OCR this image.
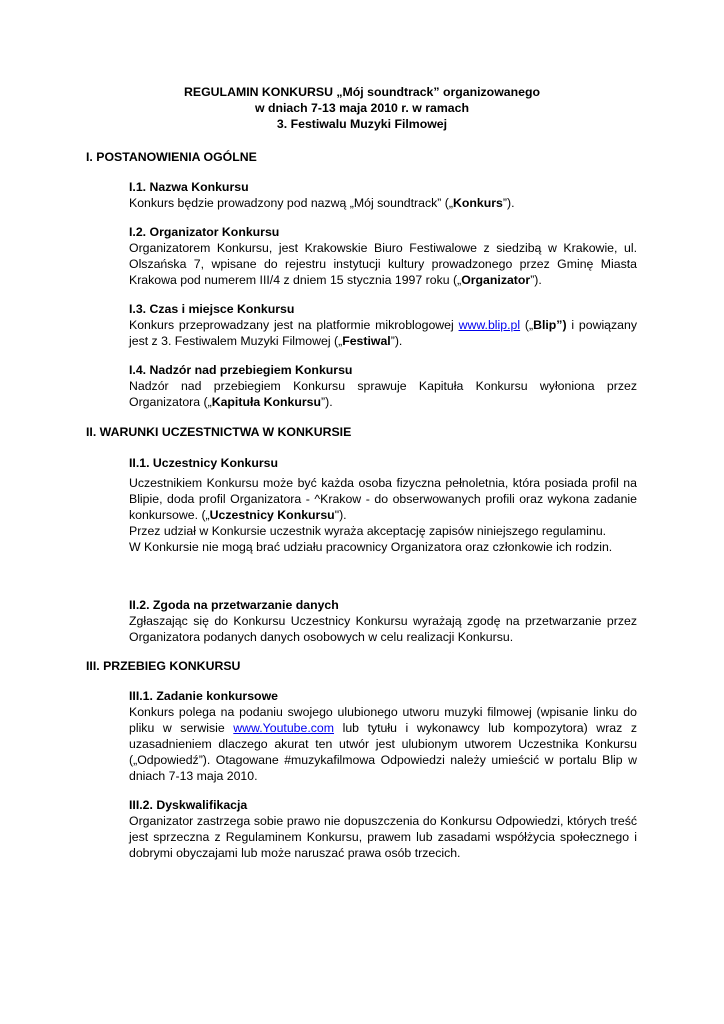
REGULAMIN KONKURSU „Mój soundtrack” organizowanego
w dniach 7-13 maja 2010 r. w ramach
3. Festiwalu Muzyki Filmowej
I. POSTANOWIENIA OGÓLNE
I.1. Nazwa Konkursu
Konkurs będzie prowadzony pod nazwą „Mój soundtrack” („Konkurs”).
I.2. Organizator Konkursu
Organizatorem Konkursu, jest Krakowskie Biuro Festiwalowe z siedzibą w Krakowie, ul. Olszańska 7, wpisane do rejestru instytucji kultury prowadzonego przez Gminę Miasta Krakowa pod numerem III/4 z dniem 15 stycznia 1997 roku („Organizator”).
I.3. Czas i miejsce Konkursu
Konkurs przeprowadzany jest na platformie mikroblogowej www.blip.pl („Blip”) i powiązany jest z 3. Festiwalem Muzyki Filmowej („Festiwal”).
I.4. Nadzór nad przebiegiem Konkursu
Nadzór nad przebiegiem Konkursu sprawuje Kapituła Konkursu wyłoniona przez Organizatora („Kapituła Konkursu”).
II. WARUNKI UCZESTNICTWA W KONKURSIE
II.1. Uczestnicy Konkursu
Uczestnikiem Konkursu może być każda osoba fizyczna pełnoletnia, która posiada profil na Blipie, doda profil Organizatora - ^Krakow - do obserwowanych profili oraz wykona zadanie konkursowe. („Uczestnicy Konkursu").
Przez udział w Konkursie uczestnik wyraża akceptację zapisów niniejszego regulaminu.
W Konkursie nie mogą brać udziału pracownicy Organizatora oraz członkowie ich rodzin.
II.2. Zgoda na przetwarzanie danych
Zgłaszając się do Konkursu Uczestnicy Konkursu wyrażają zgodę na przetwarzanie przez Organizatora podanych danych osobowych w celu realizacji Konkursu.
III. PRZEBIEG KONKURSU
III.1. Zadanie konkursowe
Konkurs polega na podaniu swojego ulubionego utworu muzyki filmowej (wpisanie linku do pliku w serwisie www.Youtube.com lub tytułu i wykonawcy lub kompozytora) wraz z uzasadnieniem dlaczego akurat ten utwór jest ulubionym utworem Uczestnika Konkursu („Odpowiedź”). Otagowane #muzykafilmowa Odpowiedzi należy umieścić w portalu Blip w dniach 7-13 maja 2010.
III.2. Dyskwalifikacja
Organizator zastrzega sobie prawo nie dopuszczenia do Konkursu Odpowiedzi, których treść jest sprzeczna z Regulaminem Konkursu, prawem lub zasadami współżycia społecznego i dobrymi obyczajami lub może naruszać prawa osób trzecich.
